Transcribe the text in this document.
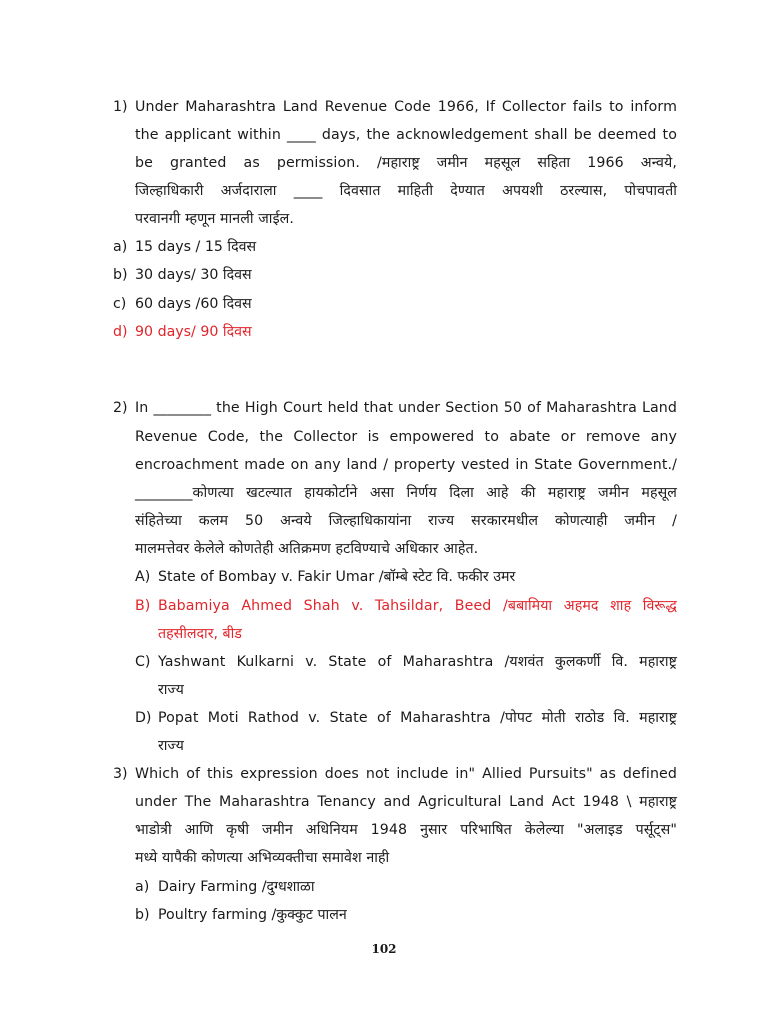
1) Under Maharashtra Land Revenue Code 1966, If Collector fails to inform
the applicant within ____ days, the acknowledgement shall be deemed to
be granted as permission. /महाराष्ट्र जमीन महसूल सहिता 1966 अन्वये,
जिल्हाधिकारी अर्जदाराला ____ दिवसात माहिती देण्यात अपयशी ठरल्यास, पोचपावती
परवानगी म्हणून मानली जाईल.
a) 15 days / 15 दिवस
b) 30 days/ 30 दिवस
c) 60 days /60 दिवस
d) 90 days/ 90 दिवस
2) In ________ the High Court held that under Section 50 of Maharashtra Land
Revenue Code, the Collector is empowered to abate or remove any
encroachment made on any land / property vested in State Government./
________कोणत्या खटल्यात हायकोर्टाने असा निर्णय दिला आहे की महाराष्ट्र जमीन महसूल
संहितेच्या कलम 50 अन्वये जिल्हाधिकायांना राज्य सरकारमधील कोणत्याही जमीन /
मालमत्तेवर केलेले कोणतेही अतिक्रमण हटविण्याचे अधिकार आहेत.
A) State of Bombay v. Fakir Umar /बॉम्बे स्टेट वि. फकीर उमर
B) Babamiya Ahmed Shah v. Tahsildar, Beed /बबामिया अहमद शाह विरूद्ध
तहसीलदार, बीड
C) Yashwant Kulkarni v. State of Maharashtra /यशवंत कुलकर्णी वि. महाराष्ट्र
राज्य
D) Popat Moti Rathod v. State of Maharashtra /पोपट मोती राठोड वि. महाराष्ट्र
राज्य
3) Which of this expression does not include in" Allied Pursuits" as defined
under The Maharashtra Tenancy and Agricultural Land Act 1948 \ महाराष्ट्र
भाडोत्री आणि कृषी जमीन अधिनियम 1948 नुसार परिभाषित केलेल्या "अलाइड पर्सूट्स"
मध्ये यापैकी कोणत्या अभिव्यक्तीचा समावेश नाही
a) Dairy Farming /दुग्धशाळा
b) Poultry farming /कुक्कुट पालन
102
